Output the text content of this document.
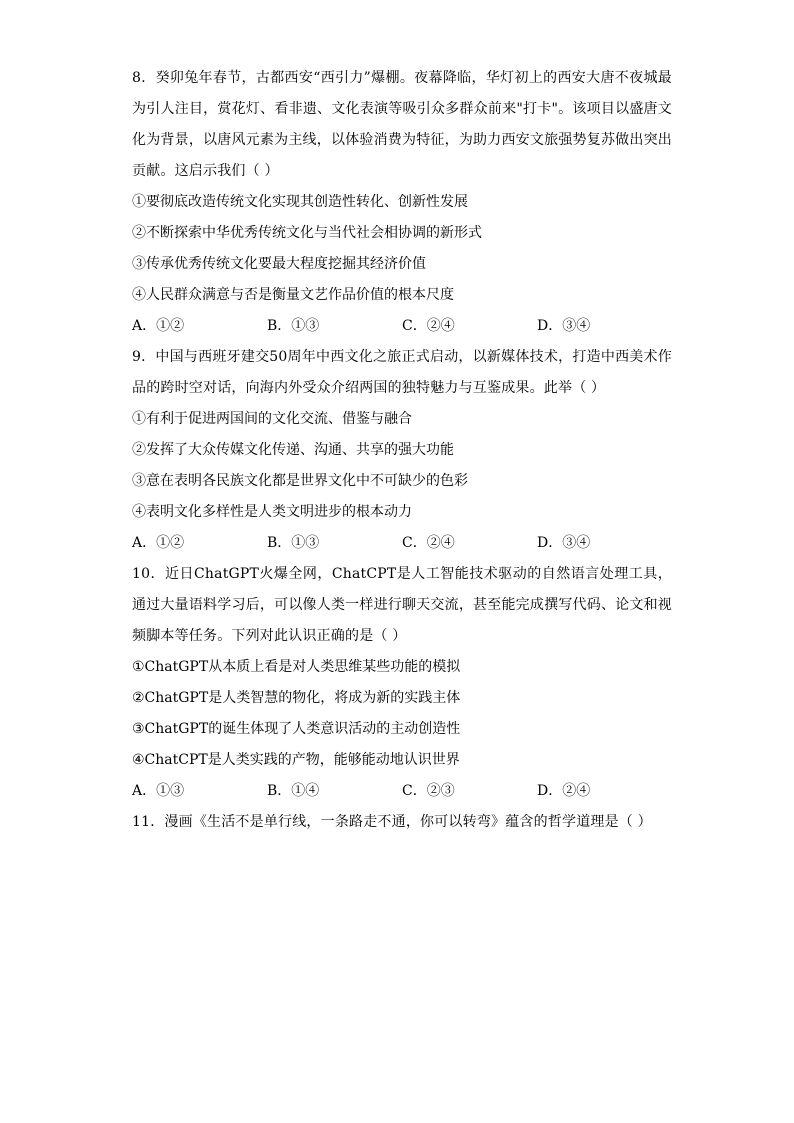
8．癸卯兔年春节，古都西安“西引力”爆棚。夜幕降临，华灯初上的西安大唐不夜城最为引人注目，赏花灯、看非遗、文化表演等吸引众多群众前来"打卡"。该项目以盛唐文化为背景，以唐风元素为主线，以体验消费为特征，为助力西安文旅强势复苏做出突出贡献。这启示我们（ ）

①要彻底改造传统文化实现其创造性转化、创新性发展

②不断探索中华优秀传统文化与当代社会相协调的新形式

③传承优秀传统文化要最大程度挖掘其经济价值

④人民群众满意与否是衡量文艺作品价值的根本尺度

A．①②	B．①③	C．②④	D．③④

9．中国与西班牙建交50周年中西文化之旅正式启动，以新媒体技术，打造中西美术作品的跨时空对话，向海内外受众介绍两国的独特魅力与互鉴成果。此举（ ）

①有利于促进两国间的文化交流、借鉴与融合

②发挥了大众传媒文化传递、沟通、共享的强大功能

③意在表明各民族文化都是世界文化中不可缺少的色彩

④表明文化多样性是人类文明进步的根本动力

A．①②	B．①③	C．②④	D．③④

10．近日ChatGPT火爆全网，ChatCPT是人工智能技术驱动的自然语言处理工具，通过大量语料学习后，可以像人类一样进行聊天交流，甚至能完成撰写代码、论文和视频脚本等任务。下列对此认识正确的是（ ）

①ChatGPT从本质上看是对人类思维某些功能的模拟

②ChatGPT是人类智慧的物化，将成为新的实践主体

③ChatGPT的诞生体现了人类意识活动的主动创造性

④ChatCPT是人类实践的产物，能够能动地认识世界

A．①③	B．①④	C．②③	D．②④

11．漫画《生活不是单行线，一条路走不通，你可以转弯》蕴含的哲学道理是（ ）
